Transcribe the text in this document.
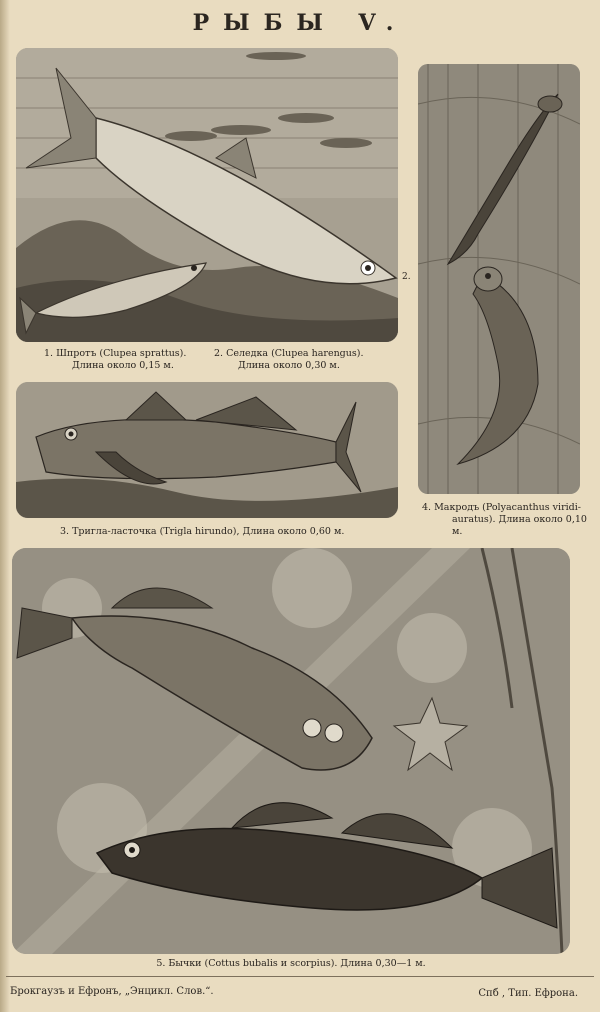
РЫБЫ V.
1. Шпротъ (Clupea sprattus).
Длина около 0,15 м.
2. Селедка (Clupea harengus).
Длина около 0,30 м.
2.
4. Макродъ (Polyacanthus viridi-
auratus). Длина около 0,10 м.
3. Тригла-ласточка (Trigla hirundo), Длина около 0,60 м.
5. Бычки (Cottus bubalis и scorpius). Длина 0,30—1 м.
Брокгаузъ и Ефронъ, „Энцикл. Слов.“.	Спб , Тип. Ефрона.
